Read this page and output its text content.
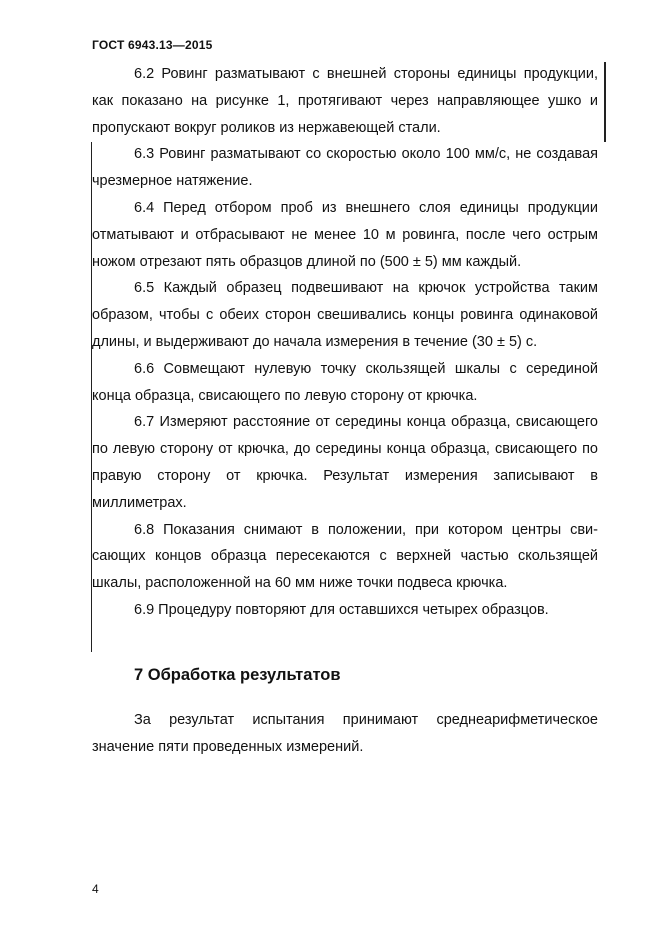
ГОСТ 6943.13—2015

6.2 Ровинг разматывают с внешней стороны единицы продукции, как показано на рисунке 1, протягивают через направляющее ушко и пропускают вокруг роликов из нержавеющей стали.

6.3 Ровинг разматывают со скоростью около 100 мм/с, не создавая чрезмерное натяжение.

6.4 Перед отбором проб из внешнего слоя единицы продукции отматывают и отбрасывают не менее 10 м ровинга, после чего острым ножом отрезают пять образцов длиной по (500 ± 5) мм каждый.

6.5 Каждый образец подвешивают на крючок устройства таким образом, чтобы с обеих сторон свешивались концы ровинга одинаковой длины, и выдерживают до начала измерения в течение (30 ± 5) с.

6.6 Совмещают нулевую точку скользящей шкалы с серединой конца образца, свисающего по левую сторону от крючка.

6.7 Измеряют расстояние от середины конца образца, свисающего по левую сторону от крючка, до середины конца образца, свисающего по правую сторону от крючка. Результат измерения записывают в миллиметрах.

6.8 Показания снимают в положении, при котором центры свисающих концов образца пересекаются с верхней частью скользящей шкалы, расположенной на 60 мм ниже точки подвеса крючка.

6.9 Процедуру повторяют для оставшихся четырех образцов.

7 Обработка результатов

За результат испытания принимают среднеарифметическое значение пяти проведенных измерений.

4
